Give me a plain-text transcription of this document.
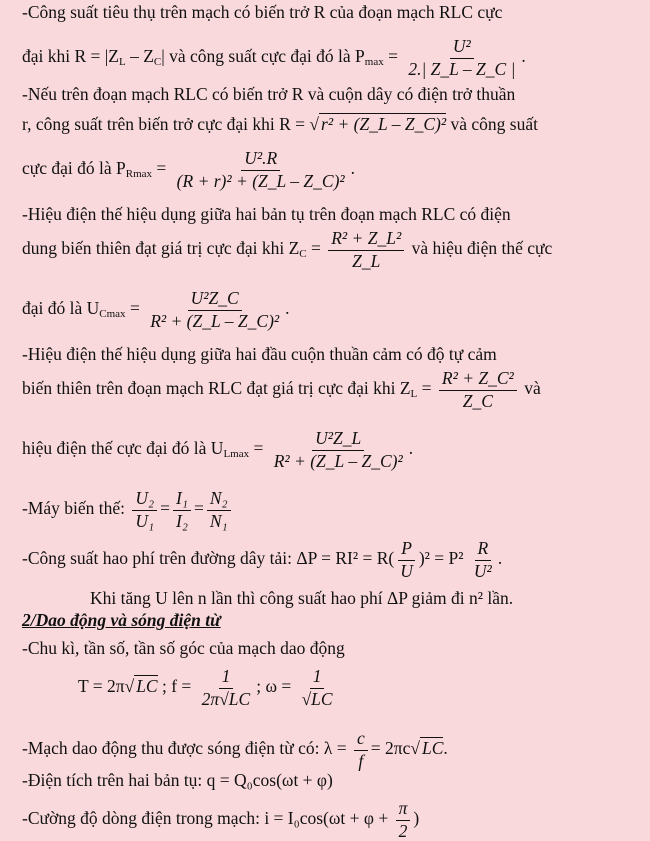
-Công suất tiêu thụ trên mạch có biến trở R của đoạn mạch RLC cực
đại khi $R = |Z_L - Z_C|$ và công suất cực đại đó là $P_{max} = \frac{\text{U²}}{2.| Z\_L - Z\_C |}$ .
-Nếu trên đoạn mạch RLC có biến trở R và cuộn dây có điện trở thuần
r, công suất trên biến trở cực đại khi R = √ r² + (Z_L – Z_C)² và công suất
cực đại đó là $P_{Rmax} = \frac{\text{U².R}}{\text{(R + r)² + (Z\_L – Z\_C)²}}$ .
-Hiệu điện thế hiệu dụng giữa hai bản tụ trên đoạn mạch RLC có điện
dung biến thiên đạt giá trị cực đại khi $Z_C = \frac{\text{R² + Z\_L²}}{Z\_L}$ và hiệu điện thế cực
đại đó là $U_{Cmax} = \frac{\text{U²Z\_C}}{\text{R² + (Z\_L – Z\_C)²}}$ .
-Hiệu điện thế hiệu dụng giữa hai đầu cuộn thuần cảm có độ tự cảm
biến thiên trên đoạn mạch RLC đạt giá trị cực đại khi $Z_L = \frac{\text{R² + Z\_C²}}{Z\_C}$ và
hiệu điện thế cực đại đó là $U_{Lmax} = \frac{\text{U²Z\_L}}{\text{R² + (Z\_L – Z\_C)²}}$ .
-Máy biến thế: $\frac{\text{U₂}}{\text{U₁}} = \frac{\text{I₁}}{\text{I₂}} = \frac{\text{N₂}}{\text{N₁}}$
-Công suất hao phí trên đường dây tải: $\Delta P = RI^2 = R( \frac{P}{U} )^2 = P^2 \frac{R}{\text{U²}}$ .
Khi tăng U lên n lần thì công suất hao phí ΔP giảm đi n² lần.
2/Dao động và sóng điện từ
-Chu kì, tần số, tần số góc của mạch dao động
T = 2π√ LC ; $f = \frac{1}{2\pi√LC}$ ; $\omega = \frac{1}{√LC}$
-Mạch dao động thu được sóng điện từ có: $\lambda = \frac{c}{f} = 2\pi c√$ LC.
-Điện tích trên hai bản tụ: q = Q₀cos(ωt + φ)
-Cường độ dòng điện trong mạch: $i = I_0\cos(\omega t + \varphi + \frac{\pi}{2}$ )
